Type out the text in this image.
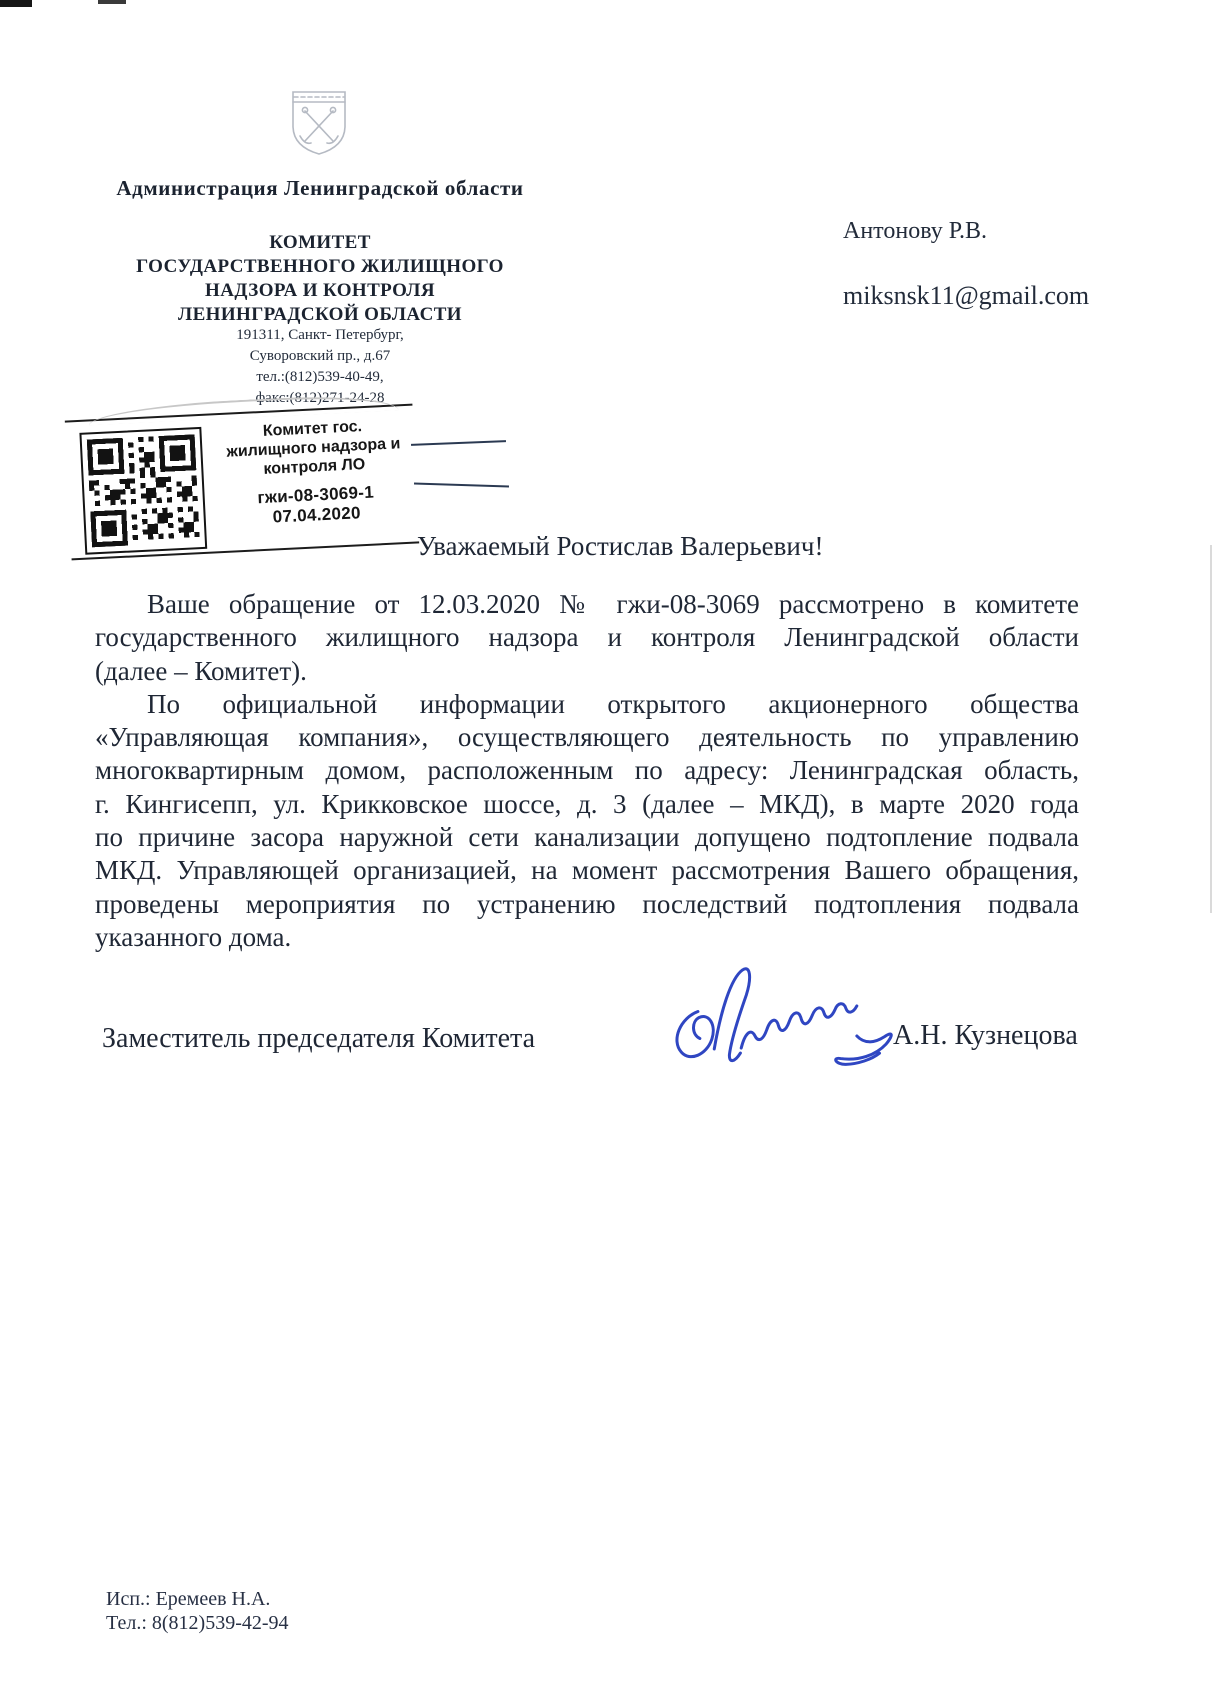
Администрация Ленинградской области
КОМИТЕТ
ГОСУДАРСТВЕННОГО ЖИЛИЩНОГО
НАДЗОРА И КОНТРОЛЯ
ЛЕНИНГРАДСКОЙ ОБЛАСТИ
191311, Санкт- Петербург,
Суворовский пр., д.67
тел.:(812)539-40-49,
факс:(812)271-24-28
Антонову Р.В.
miksnsk11@gmail.com
Комитет гос.
жилищного надзора и
контроля ЛО
гжи-08-3069-1
07.04.2020
Уважаемый Ростислав Валерьевич!
Ваше обращение от 12.03.2020 № гжи-08-3069 рассмотрено в комитете
государственного жилищного надзора и контроля Ленинградской области
(далее – Комитет).
По официальной информации открытого акционерного общества
«Управляющая компания», осуществляющего деятельность по управлению
многоквартирным домом, расположенным по адресу: Ленинградская область,
г. Кингисепп, ул. Крикковское шоссе, д. 3 (далее – МКД), в марте 2020 года
по причине засора наружной сети канализации допущено подтопление подвала
МКД. Управляющей организацией, на момент рассмотрения Вашего обращения,
проведены мероприятия по устранению последствий подтопления подвала
указанного дома.
Заместитель председателя Комитета	А.Н. Кузнецова
Исп.: Еремеев Н.А.
Тел.: 8(812)539-42-94
